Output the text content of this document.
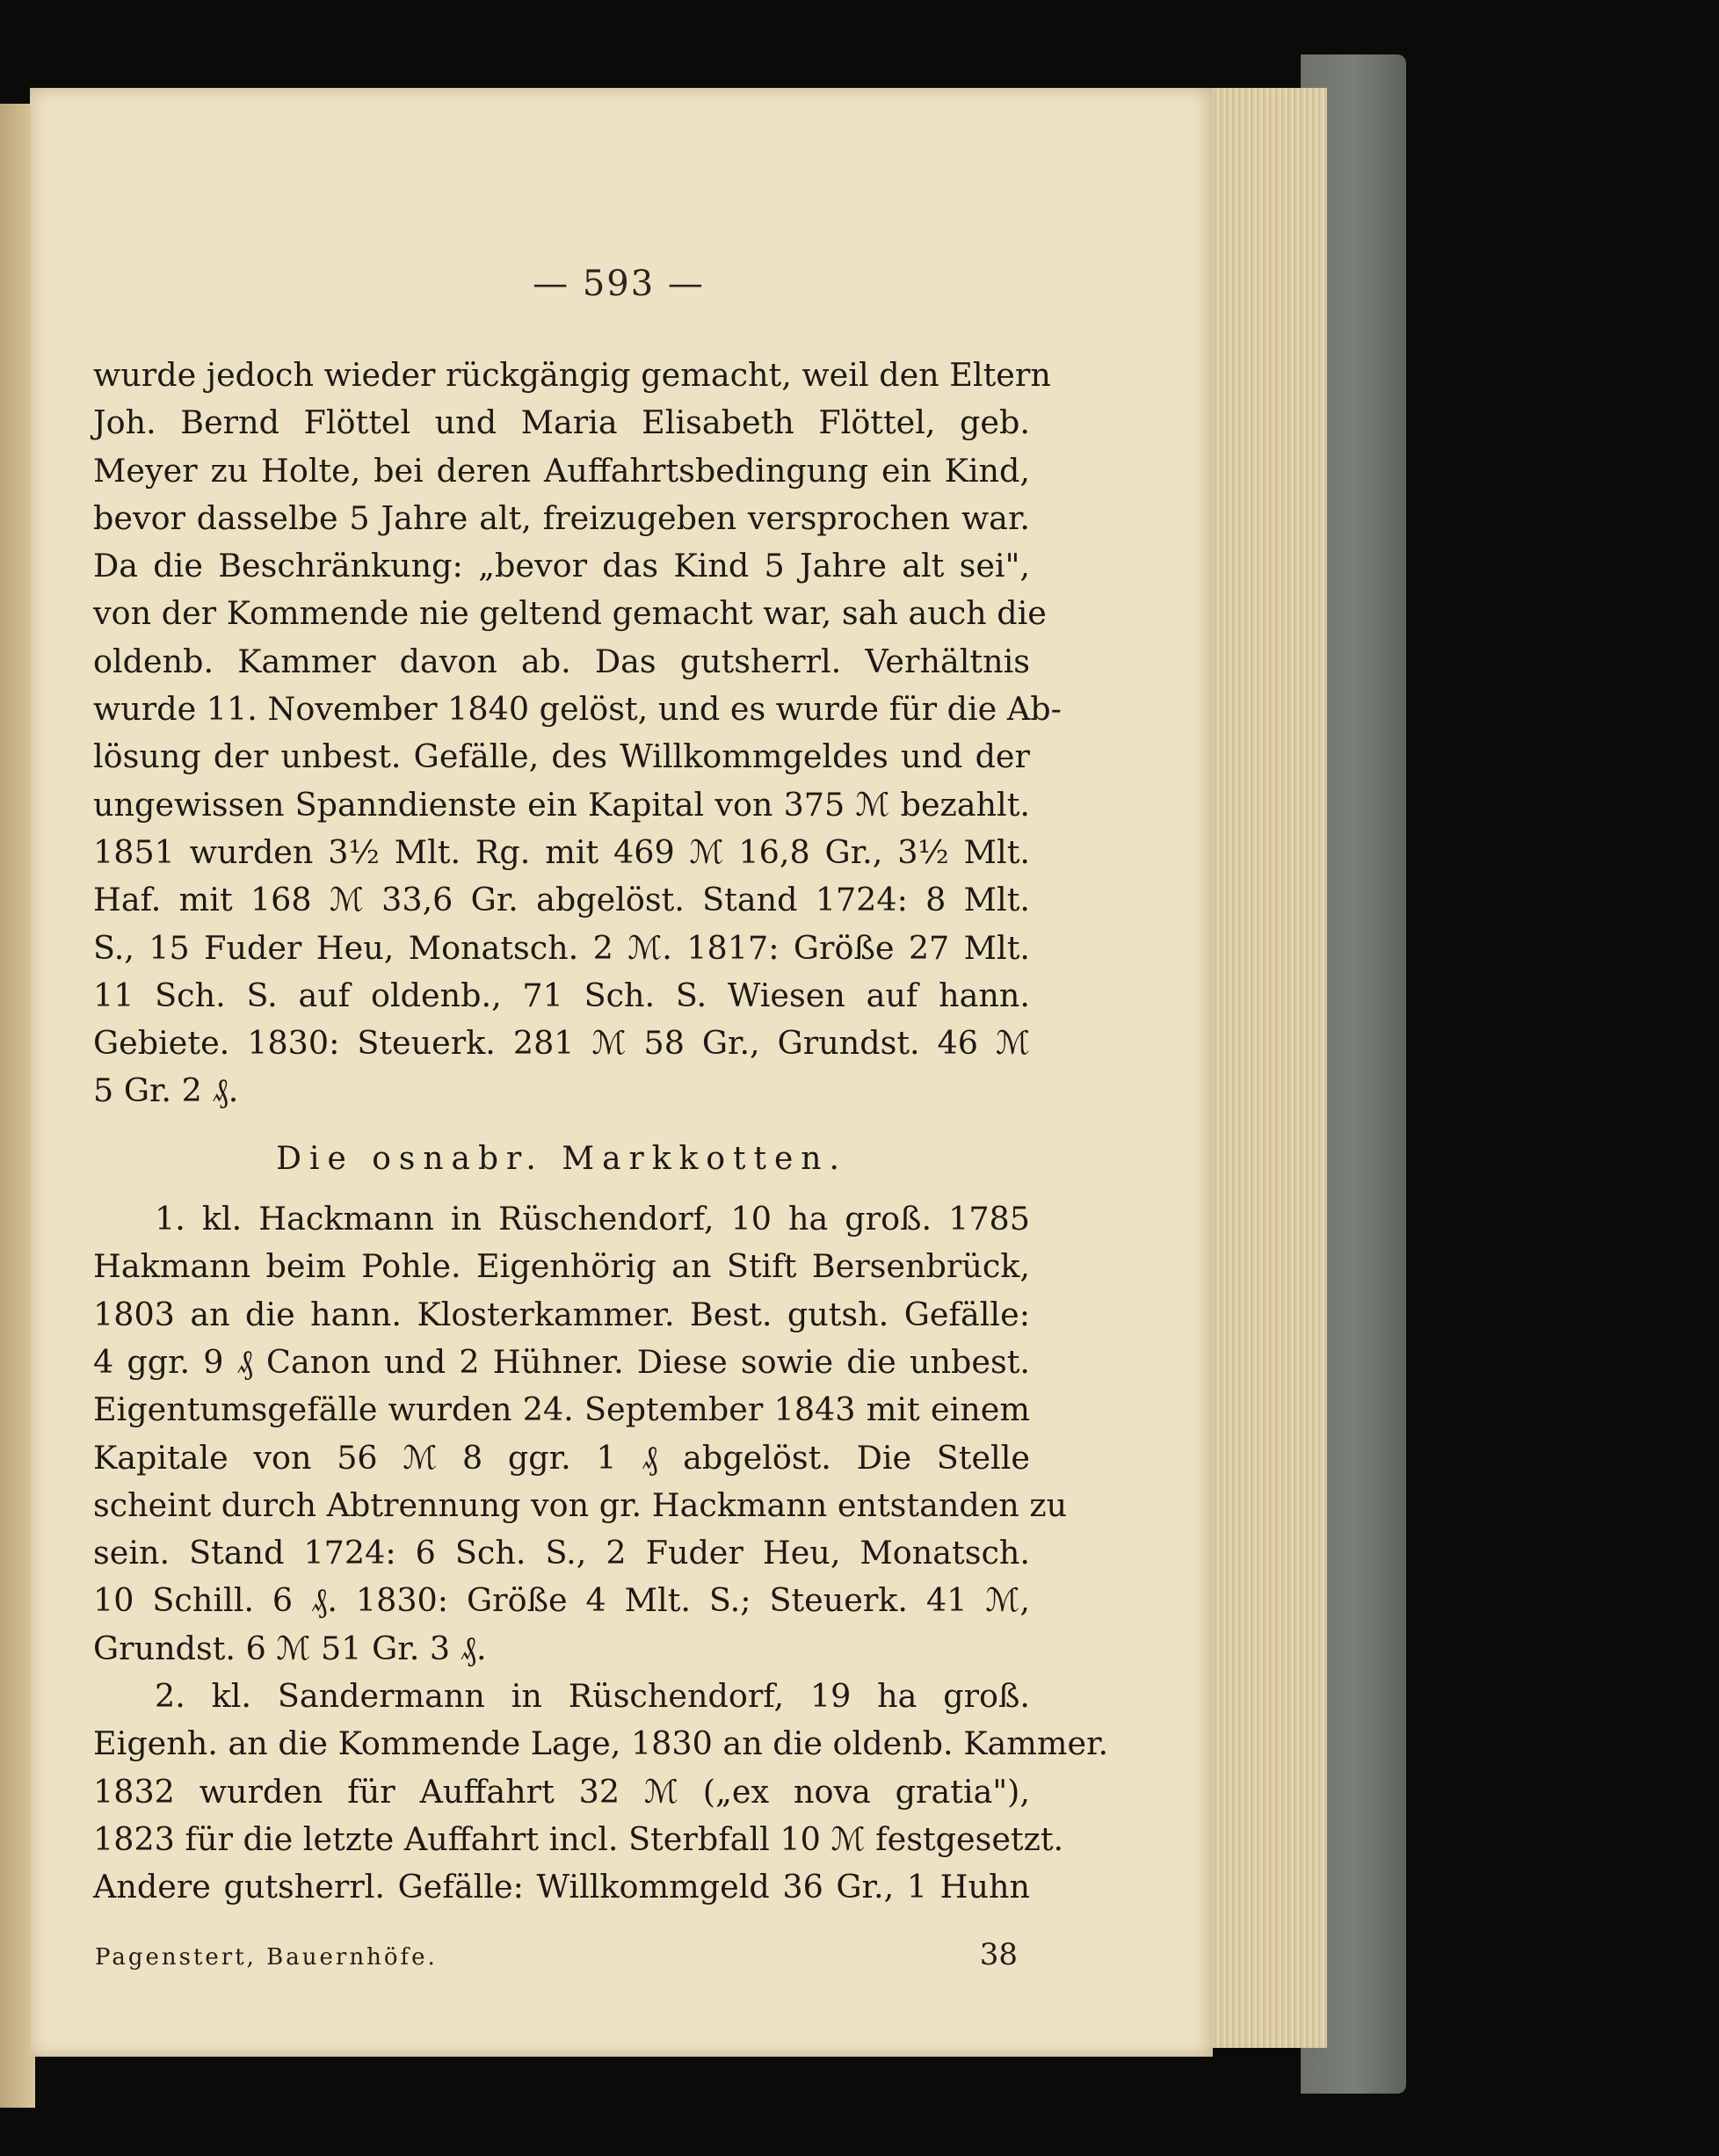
— 593 —
wurde jedoch wieder rückgängig gemacht, weil den Eltern
Joh. Bernd Flöttel und Maria Elisabeth Flöttel, geb.
Meyer zu Holte, bei deren Auffahrtsbedingung ein Kind,
bevor dasselbe 5 Jahre alt, freizugeben versprochen war.
Da die Beschränkung: „bevor das Kind 5 Jahre alt sei",
von der Kommende nie geltend gemacht war, sah auch die
oldenb. Kammer davon ab. Das gutsherrl. Verhältnis
wurde 11. November 1840 gelöst, und es wurde für die Ab-
lösung der unbest. Gefälle, des Willkommgeldes und der
ungewissen Spanndienste ein Kapital von 375 ℳ bezahlt.
1851 wurden 3½ Mlt. Rg. mit 469 ℳ 16,8 Gr., 3½ Mlt.
Haf. mit 168 ℳ 33,6 Gr. abgelöst. Stand 1724: 8 Mlt.
S., 15 Fuder Heu, Monatsch. 2 ℳ. 1817: Größe 27 Mlt.
11 Sch. S. auf oldenb., 71 Sch. S. Wiesen auf hann.
Gebiete. 1830: Steuerk. 281 ℳ 58 Gr., Grundst. 46 ℳ
5 Gr. 2 ₰.
Die osnabr. Markkotten.
1. kl. Hackmann in Rüschendorf, 10 ha groß. 1785
Hakmann beim Pohle. Eigenhörig an Stift Bersenbrück,
1803 an die hann. Klosterkammer. Best. gutsh. Gefälle:
4 ggr. 9 ₰ Canon und 2 Hühner. Diese sowie die unbest.
Eigentumsgefälle wurden 24. September 1843 mit einem
Kapitale von 56 ℳ 8 ggr. 1 ₰ abgelöst. Die Stelle
scheint durch Abtrennung von gr. Hackmann entstanden zu
sein. Stand 1724: 6 Sch. S., 2 Fuder Heu, Monatsch.
10 Schill. 6 ₰. 1830: Größe 4 Mlt. S.; Steuerk. 41 ℳ,
Grundst. 6 ℳ 51 Gr. 3 ₰.
2. kl. Sandermann in Rüschendorf, 19 ha groß.
Eigenh. an die Kommende Lage, 1830 an die oldenb. Kammer.
1832 wurden für Auffahrt 32 ℳ („ex nova gratia"),
1823 für die letzte Auffahrt incl. Sterbfall 10 ℳ festgesetzt.
Andere gutsherrl. Gefälle: Willkommgeld 36 Gr., 1 Huhn
Pagenstert, Bauernhöfe.	38
